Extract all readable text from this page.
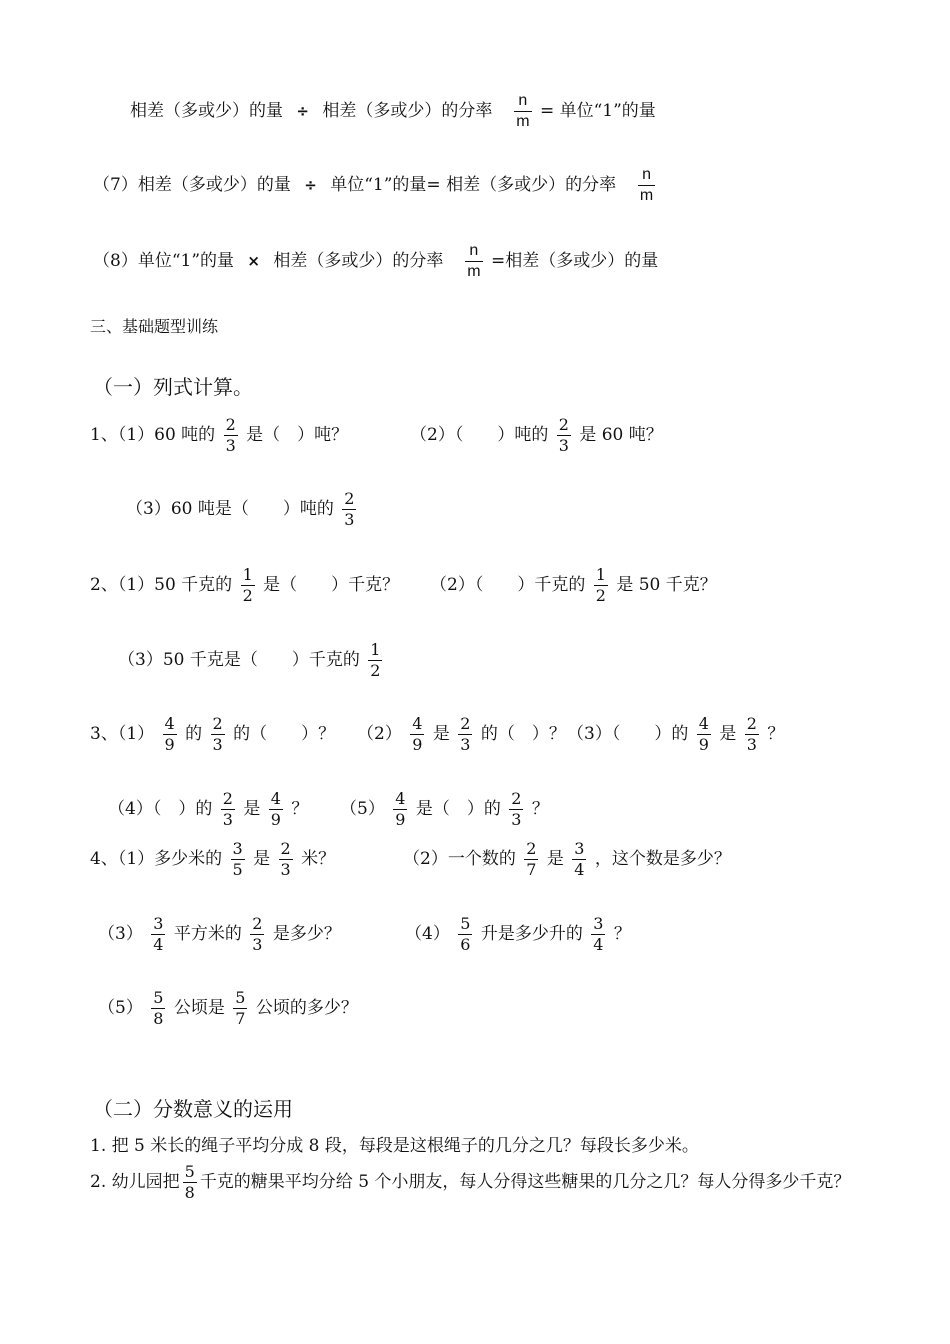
相差（多或少）的量 ÷ 相差（多或少）的分率 $\frac{n}{m}$ = 单位“1”的量
（7）相差（多或少）的量 ÷ 单位“1”的量= 相差（多或少）的分率 $\frac{n}{m}$
（8）单位“1”的量 × 相差（多或少）的分率 $\frac{n}{m}$ =相差（多或少）的量
三、基础题型训练
（一）列式计算。
1、（1）60 吨的 $\frac{2}{3}$ 是（　）吨？	（2）（　　）吨的 $\frac{2}{3}$ 是 60 吨？
（3）60 吨是（　　）吨的 $\frac{2}{3}$
2、（1）50 千克的 $\frac{1}{2}$ 是（　　）千克？ （2）（　　）千克的 $\frac{1}{2}$ 是 50 千克？
（3）50 千克是（　　）千克的 $\frac{1}{2}$
3、$(1) \frac{4}{9}$ 的 $\frac{2}{3}$ 的（　　）？ $(2) \frac{4}{9}$ 是 $\frac{2}{3}$ 的（　）？ （3）（　　）的 $\frac{4}{9}$ 是 $\frac{2}{3}$ ？
（4）（　）的 $\frac{2}{3}$ 是 $\frac{4}{9}$ ？ $(5) \frac{4}{9}$ 是（　）的 $\frac{2}{3}$ ？
4、（1）多少米的 $\frac{3}{5}$ 是 $\frac{2}{3}$ 米？	（2）一个数的 $\frac{2}{7}$ 是 $\frac{3}{4}$ ，这个数是多少？
$(3) \frac{3}{4}$ 平方米的 $\frac{2}{3}$ 是多少？	$(4) \frac{5}{6}$ 升是多少升的 $\frac{3}{4}$ ？
$(5) \frac{5}{8}$ 公顷是 $\frac{5}{7}$ 公顷的多少？
（二）分数意义的运用
1. 把 5 米长的绳子平均分成 8 段，每段是这根绳子的几分之几？每段长多少米。
2. 幼儿园把 $\frac{5}{8}$ 千克的糖果平均分给 5 个小朋友，每人分得这些糖果的几分之几？每人分得多少千克？
